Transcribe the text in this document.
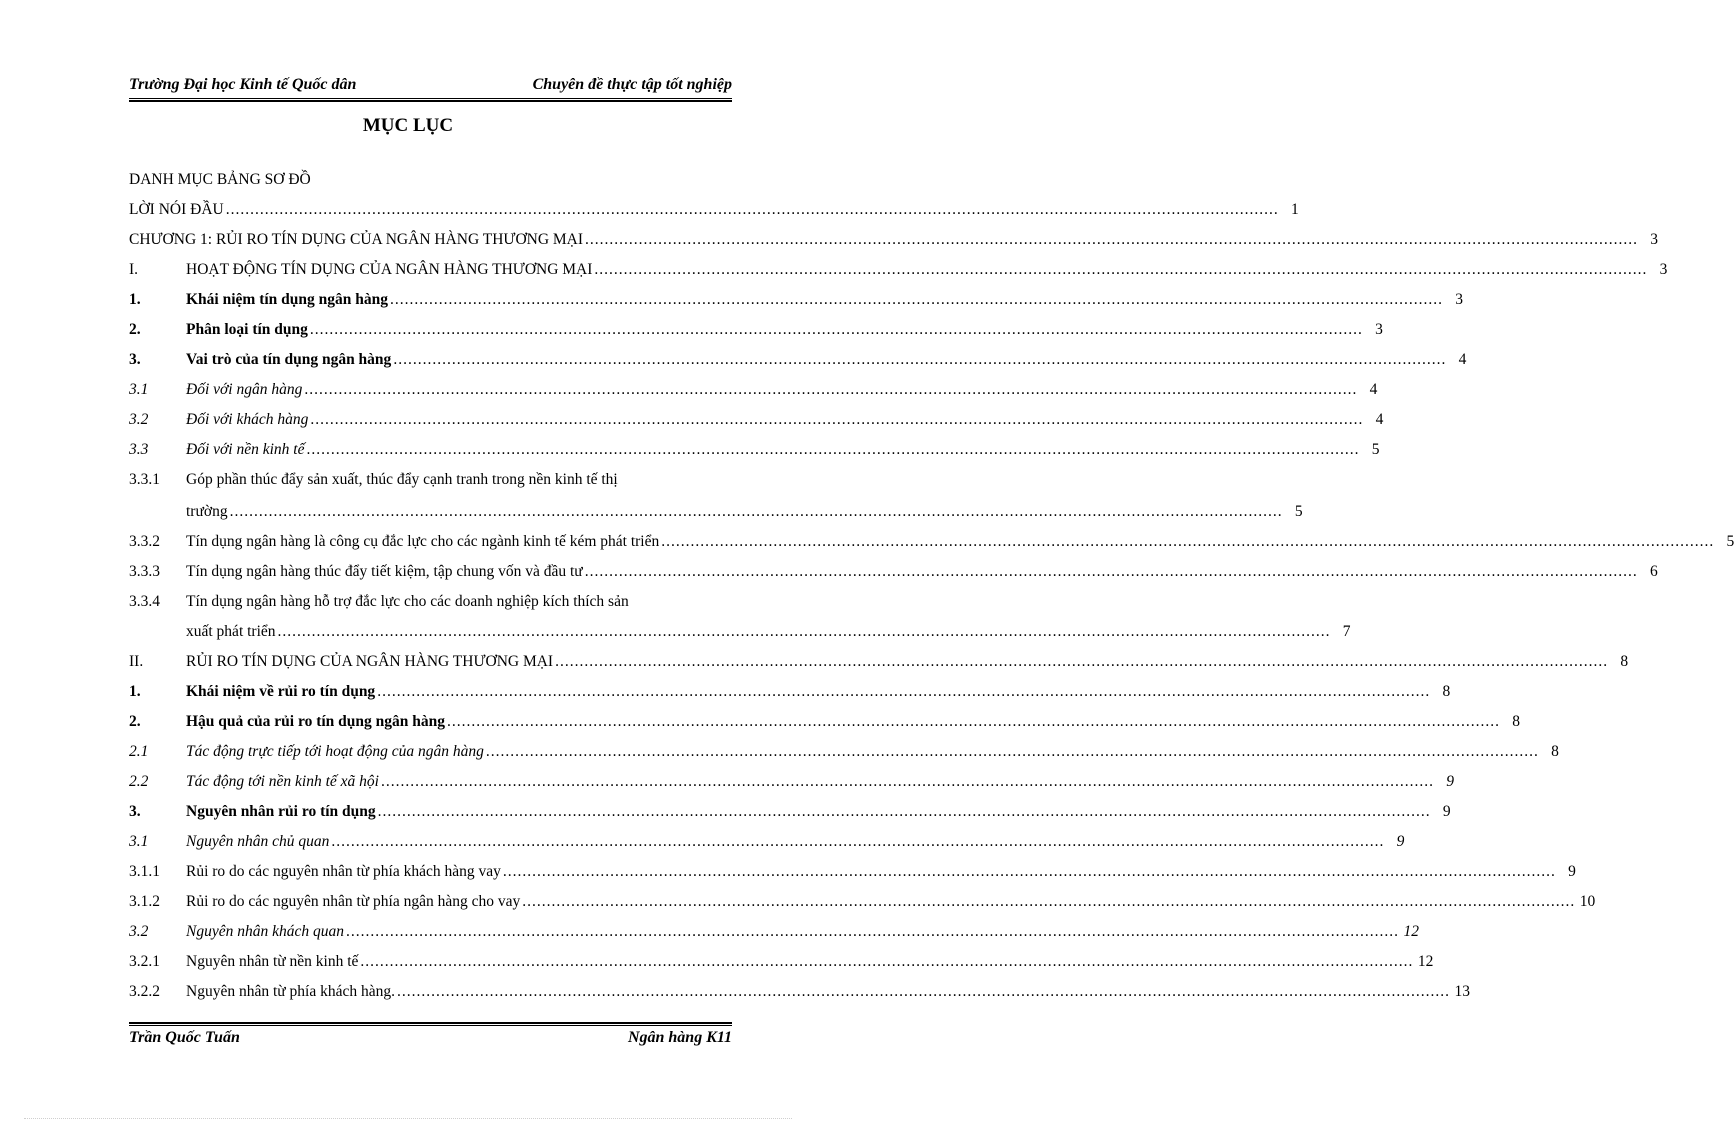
Trường Đại học Kinh tế Quốc dân	Chuyên đề thực tập tốt nghiệp
MỤC LỤC
DANH MỤC BẢNG SƠ ĐỒ
LỜI NÓI ĐẦU .....	1
CHƯƠNG 1: RỦI RO TÍN DỤNG CỦA NGÂN HÀNG THƯƠNG MẠI .....	3
I.	HOẠT ĐỘNG TÍN DỤNG CỦA NGÂN HÀNG THƯƠNG MẠI .....	3
1.	Khái niệm tín dụng ngân hàng .....	3
2.	Phân loại tín dụng .....	3
3.	Vai trò của tín dụng ngân hàng .....	4
3.1	Đối với ngân hàng .....	4
3.2	Đối với khách hàng .....	4
3.3	Đối với nền kinh tế .....	5
3.3.1	Góp phần thúc đẩy sản xuất, thúc đẩy cạnh tranh trong nền kinh tế thị
trường .....	5
3.3.2	Tín dụng ngân hàng là công cụ đắc lực cho các ngành kinh tế kém phát triển .....	5
3.3.3	Tín dụng ngân hàng thúc đẩy tiết kiệm, tập chung vốn và đầu tư .....	6
3.3.4	Tín dụng ngân hàng hỗ trợ đắc lực cho các doanh nghiệp kích thích sản
xuất phát triển .....	7
II.	RỦI RO TÍN DỤNG CỦA NGÂN HÀNG THƯƠNG MẠI .....	8
1.	Khái niệm về rủi ro tín dụng .....	8
2.	Hậu quả của rủi ro tín dụng ngân hàng .....	8
2.1	Tác động trực tiếp tới hoạt động của ngân hàng .....	8
2.2	Tác động tới nền kinh tế xã hội .....	9
3.	Nguyên nhân rủi ro tín dụng .....	9
3.1	Nguyên nhân chủ quan .....	9
3.1.1	Rủi ro do các nguyên nhân từ phía khách hàng vay .....	9
3.1.2	Rủi ro do các nguyên nhân từ phía ngân hàng cho vay .....	10
3.2	Nguyên nhân khách quan .....	12
3.2.1	Nguyên nhân từ nền kinh tế .....	12
3.2.2	Nguyên nhân từ phía khách hàng. .....	13
Trần Quốc Tuấn	Ngân hàng K11
